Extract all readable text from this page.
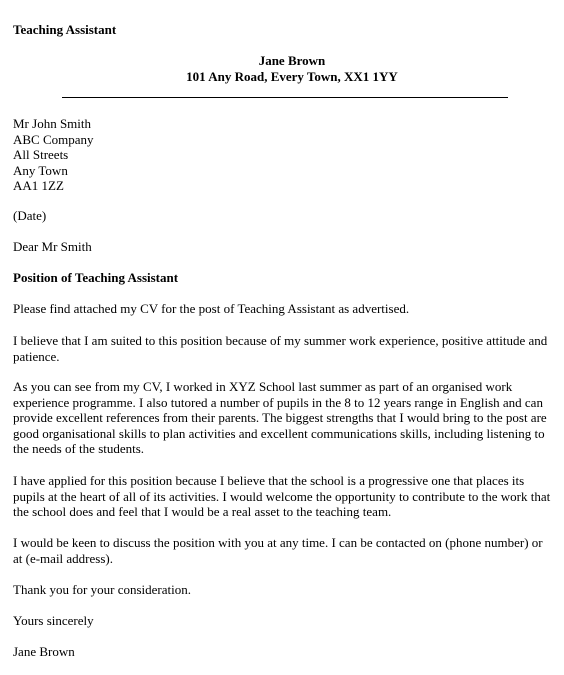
Teaching Assistant
Jane Brown
101 Any Road, Every Town, XX1 1YY
Mr John Smith
ABC Company
All Streets
Any Town
AA1 1ZZ

(Date)

Dear Mr Smith

Position of Teaching Assistant

Please find attached my CV for the post of Teaching Assistant as advertised.

I believe that I am suited to this position because of my summer work experience, positive attitude and patience.

As you can see from my CV, I worked in XYZ School last summer as part of an organised work experience programme. I also tutored a number of pupils in the 8 to 12 years range in English and can provide excellent references from their parents. The biggest strengths that I would bring to the post are good organisational skills to plan activities and excellent communications skills, including listening to the needs of the students.

I have applied for this position because I believe that the school is a progressive one that places its pupils at the heart of all of its activities. I would welcome the opportunity to contribute to the work that the school does and feel that I would be a real asset to the teaching team.

I would be keen to discuss the position with you at any time. I can be contacted on (phone number) or at (e-mail address).

Thank you for your consideration.

Yours sincerely

Jane Brown
